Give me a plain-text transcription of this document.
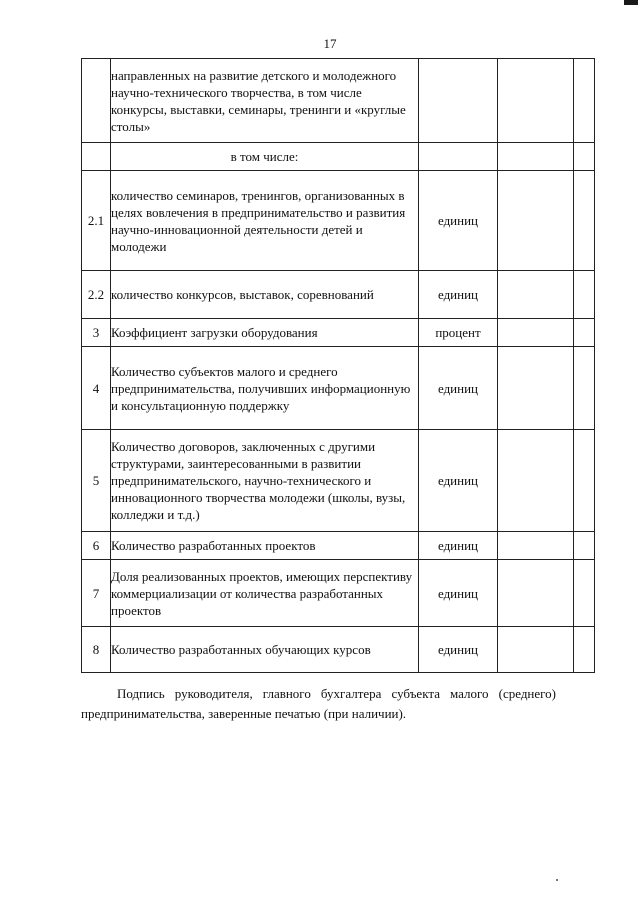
17

	направленных на развитие детского и молодежного научно-технического творчества, в том числе конкурсы, выставки, семинары, тренинги и «круглые столы»			

	в том числе:			

2.1	количество семинаров, тренингов, организованных в целях вовлечения в предпринимательство и развития научно-инновационной деятельности детей и молодежи	единиц		

2.2	количество конкурсов, выставок, соревнований	единиц		

3	Коэффициент загрузки оборудования	процент		

4	Количество субъектов малого и среднего предпринимательства, получивших информационную и консультационную поддержку	единиц		

5	Количество договоров, заключенных с другими структурами, заинтересованными в развитии предпринимательского, научно-технического и инновационного творчества молодежи (школы, вузы, колледжи и т.д.)	единиц		

6	Количество разработанных проектов	единиц		

7	Доля реализованных проектов, имеющих перспективу коммерциализации от количества разработанных проектов	единиц		

8	Количество разработанных обучающих курсов	единиц		

Подпись руководителя, главного бухгалтера субъекта малого (среднего) предпринимательства, заверенные печатью (при наличии).
